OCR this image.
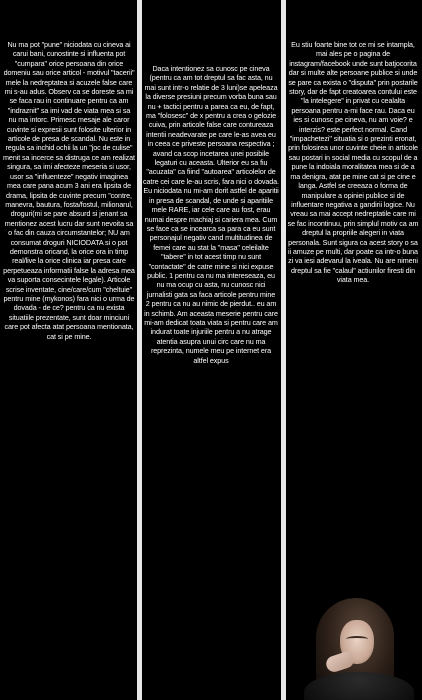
Nu ma pot "pune" niciodata cu cineva ai carui bani, cunostinte si influenta pot "cumpara" orice persoana din orice domeniu sau orice articol - motivul "tacerii" mele la nedreptatea si acuzele false care mi s-au adus. Observ ca se doreste sa mi se faca rau in continuare pentru ca am "indraznit" sa imi vad de viata mea si sa nu ma intorc. Primesc mesaje ale caror cuvinte si expresii sunt folosite ulterior in articole de presa de scandal. Nu este in regula sa inchid ochii la un "joc de culise" menit sa incerce sa distruga ce am realizat singura, sa imi afecteze meseria si usor, usor sa "influenteze" negativ imaginea mea care pana acum 3 ani era lipsita de drama, lipsita de cuvinte precum "contre, manevra, bautura, fosta/fostul, milionarul, droguri(mi se pare absurd si jenant sa mentionez acest lucru dar sunt nevoita sa o fac din cauza circumstantelor; NU am consumat droguri NICIODATA si o pot demonstra oricand, la orice ora in timp real/live la orice clinica iar presa care perpetueaza informatii false la adresa mea va suporta consecintele legale). Articole scrise inventate, cine/care/cum "cheltuie" pentru mine (mykonos) fara nici o urma de dovada - de ce? pentru ca nu exista situatiile prezentate, sunt doar minciuni care pot afecta atat persoana mentionata, cat si pe mine.
Daca intentionez sa cunosc pe cineva (pentru ca am tot dreptul sa fac asta, nu mai sunt intr-o relatie de 3 luni)se apeleaza la diverse presiuni precum vorba buna sau nu + tactici pentru a parea ca eu, de fapt, ma "folosesc" de x pentru a crea o gelozie cuiva, prin articole false care contureaza intentii neadevarate pe care le-as avea eu in ceea ce priveste persoana respectiva ; avand ca scop incetarea unei posibile legaturi cu aceasta. Ulterior eu sa fiu "acuzata" ca fiind "autoarea" articolelor de catre cei care le-au scris, fara nici o dovada. Eu niciodata nu mi-am dorit astfel de aparitii in presa de scandal, de unde si aparitiile mele RARE, iar cele care au fost, erau numai despre machiaj si cariera mea. Cum se face ca se incearca sa para ca eu sunt personajul negativ cand multitudinea de femei care au stat la "masa" celeilalte "tabere" in tot acest timp nu sunt "contactate" de catre mine si nici expuse public. 1 pentru ca nu ma intereseaza, eu nu ma ocup cu asta, nu cunosc nici jurnalisti gata sa faca articole pentru mine
2 pentru ca nu au nimic de pierdut.. eu am in schimb. Am aceasta meserie pentru care mi-am dedicat toata viata si pentru care am indurat toate injuriile pentru a nu atrage atentia asupra unui circ care nu ma reprezinta, numele meu pe internet era altfel expus
Eu stiu foarte bine tot ce mi se intampla, mai ales pe o pagina de instagram/facebook unde sunt batjocorita dar si multe alte persoane publice si unde se pare ca exista o "disputa" prin postarile story, dar de fapt creatoarea contului este "la intelegere" in privat cu cealalta persoana pentru a-mi face rau. Daca eu ies si cunosc pe cineva, nu am voie? e interzis? este perfect normal. Cand "impachetezi" situatia si o prezinti eronat, prin folosirea unor cuvinte cheie in articole sau postari in social media cu scopul de a pune la indoiala moralitatea mea si de a ma denigra, atat pe mine cat si pe cine e langa. Astfel se creeaza o forma de manipulare a opiniei publice si de influentare negativa a gandirii logice. Nu vreau sa mai accept nedreptatile care mi se fac incontinuu, prin simplul motiv ca am dreptul la propriile alegeri in viata personala. Sunt sigura ca acest story o sa ii amuze pe multi, dar poate ca intr-o buna zi va iesi adevarul la iveala. Nu are nimeni dreptul sa fie "calaul" actiunilor firesti din viata mea.
